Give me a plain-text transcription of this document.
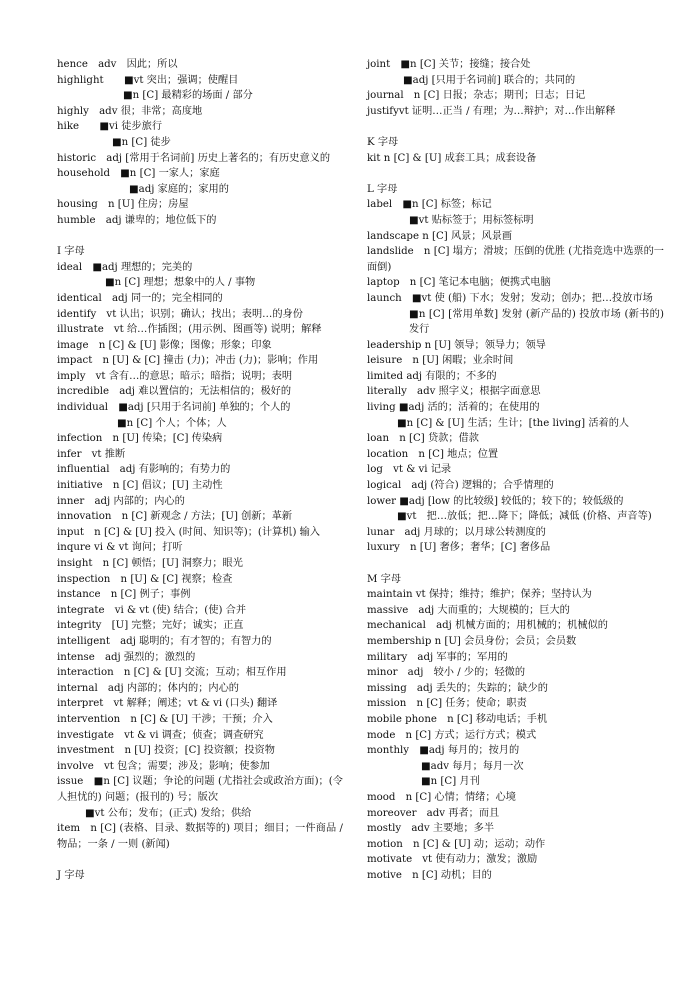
hence　adv　因此；所以

highlight　　■vt 突出；强调；使醒目

■n [C] 最精彩的场面 / 部分

highly　adv 很；非常；高度地

hike　　■vi 徒步旅行

■n [C] 徒步

historic　adj [常用于名词前] 历史上著名的；有历史意义的

household　■n [C] 一家人；家庭

■adj 家庭的；家用的

housing　n [U] 住房；房屋

humble　adj 谦卑的；地位低下的

I 字母

ideal　■adj 理想的；完美的

■n [C] 理想；想象中的人 / 事物

identical　adj 同一的；完全相同的

identify　vt 认出；识别；确认；找出；表明…的身份

illustrate　vt 给…作插图；(用示例、图画等) 说明；解释

image　n [C] & [U] 影像；图像；形象；印象

impact　n [U] & [C] 撞击 (力)；冲击 (力)；影响；作用

imply　vt 含有…的意思；暗示；暗指；说明；表明

incredible　adj 难以置信的；无法相信的；极好的

individual　■adj [只用于名词前] 单独的；个人的

■n [C] 个人；个体；人

infection　n [U] 传染；[C] 传染病

infer　vt 推断

influential　adj 有影响的；有势力的

initiative　n [C] 倡议；[U] 主动性

inner　adj 内部的；内心的

innovation　n [C] 新观念 / 方法；[U] 创新；革新

input　n [C] & [U] 投入 (时间、知识等)；(计算机) 输入

inqure vi & vt 询问；打听

insight　n [C] 顿悟；[U] 洞察力；眼光

inspection　n [U] & [C] 视察；检查

instance　n [C] 例子；事例

integrate　vi & vt (使) 结合；(使) 合并

integrity　[U] 完整；完好；诚实；正直

intelligent　adj 聪明的；有才智的；有智力的

intense　adj 强烈的；激烈的

interaction　n [C] & [U] 交流；互动；相互作用

internal　adj 内部的；体内的；内心的

interpret　vt 解释；阐述；vt & vi (口头) 翻译

intervention　n [C] & [U] 干涉；干预；介入

investigate　vt & vi 调查；侦查；调查研究

investment　n [U] 投资；[C] 投资额；投资物

involve　vt 包含；需要；涉及；影响；使参加

issue　■n [C] 议题；争论的问题 (尤指社会或政治方面)；(令人担忧的) 问题；(报刊的) 号；版次

■vt 公布；发布；(正式) 发给；供给

item　n [C] (表格、目录、数据等的) 项目；细目；一件商品 / 物品；一条 / 一则 (新闻)

J 字母

joint　■n [C] 关节；接缝；接合处

■adj [只用于名词前] 联合的；共同的

journal　n [C] 日报；杂志；期刊；日志；日记

justifyvt 证明…正当 / 有理；为…辩护；对…作出解释

K 字母

kit n [C] & [U] 成套工具；成套设备

L 字母

label　■n [C] 标签；标记

■vt 贴标签于；用标签标明

landscape n [C] 风景；风景画

landslide　n [C] 塌方；滑坡；压倒的优胜 (尤指竞选中选票的一面倒)

laptop　n [C] 笔记本电脑；便携式电脑

launch　■vt 使 (船) 下水；发射；发动；创办；把…投放市场

■n [C] [常用单数] 发射 (新产品的) 投放市场 (新书的) 发行

leadership n [U] 领导；领导力；领导

leisure　n [U] 闲暇；业余时间

limited adj 有限的；不多的

literally　adv 照字义；根据字面意思

living ■adj 活的；活着的；在使用的

■n [C] & [U] 生活；生计；[the living] 活着的人

loan　n [C] 贷款；借款

location　n [C] 地点；位置

log　vt & vi 记录

logical　adj (符合) 逻辑的；合乎情理的

lower ■adj [low 的比较级] 较低的；较下的；较低级的

■vt　把…放低；把…降下；降低；减低 (价格、声音等)

lunar　adj 月球的；以月球公转测度的

luxury　n [U] 奢侈；奢华；[C] 奢侈品

M 字母

maintain vt 保持；维持；维护；保养；坚持认为

massive　adj 大而重的；大规模的；巨大的

mechanical　adj 机械方面的；用机械的；机械似的

membership n [U] 会员身份；会员；会员数

military　adj 军事的；军用的

minor　adj　较小 / 少的；轻微的

missing　adj 丢失的；失踪的；缺少的

mission　n [C] 任务；使命；职责

mobile phone　n [C] 移动电话；手机

mode　n [C] 方式；运行方式；模式

monthly　■adj 每月的；按月的

■adv 每月；每月一次

■n [C] 月刊

mood　n [C] 心情；情绪；心境

moreover　adv 再者；而且

mostly　adv 主要地；多半

motion　n [C] & [U] 动；运动；动作

motivate　vt 使有动力；激发；激励

motive　n [C] 动机；目的
